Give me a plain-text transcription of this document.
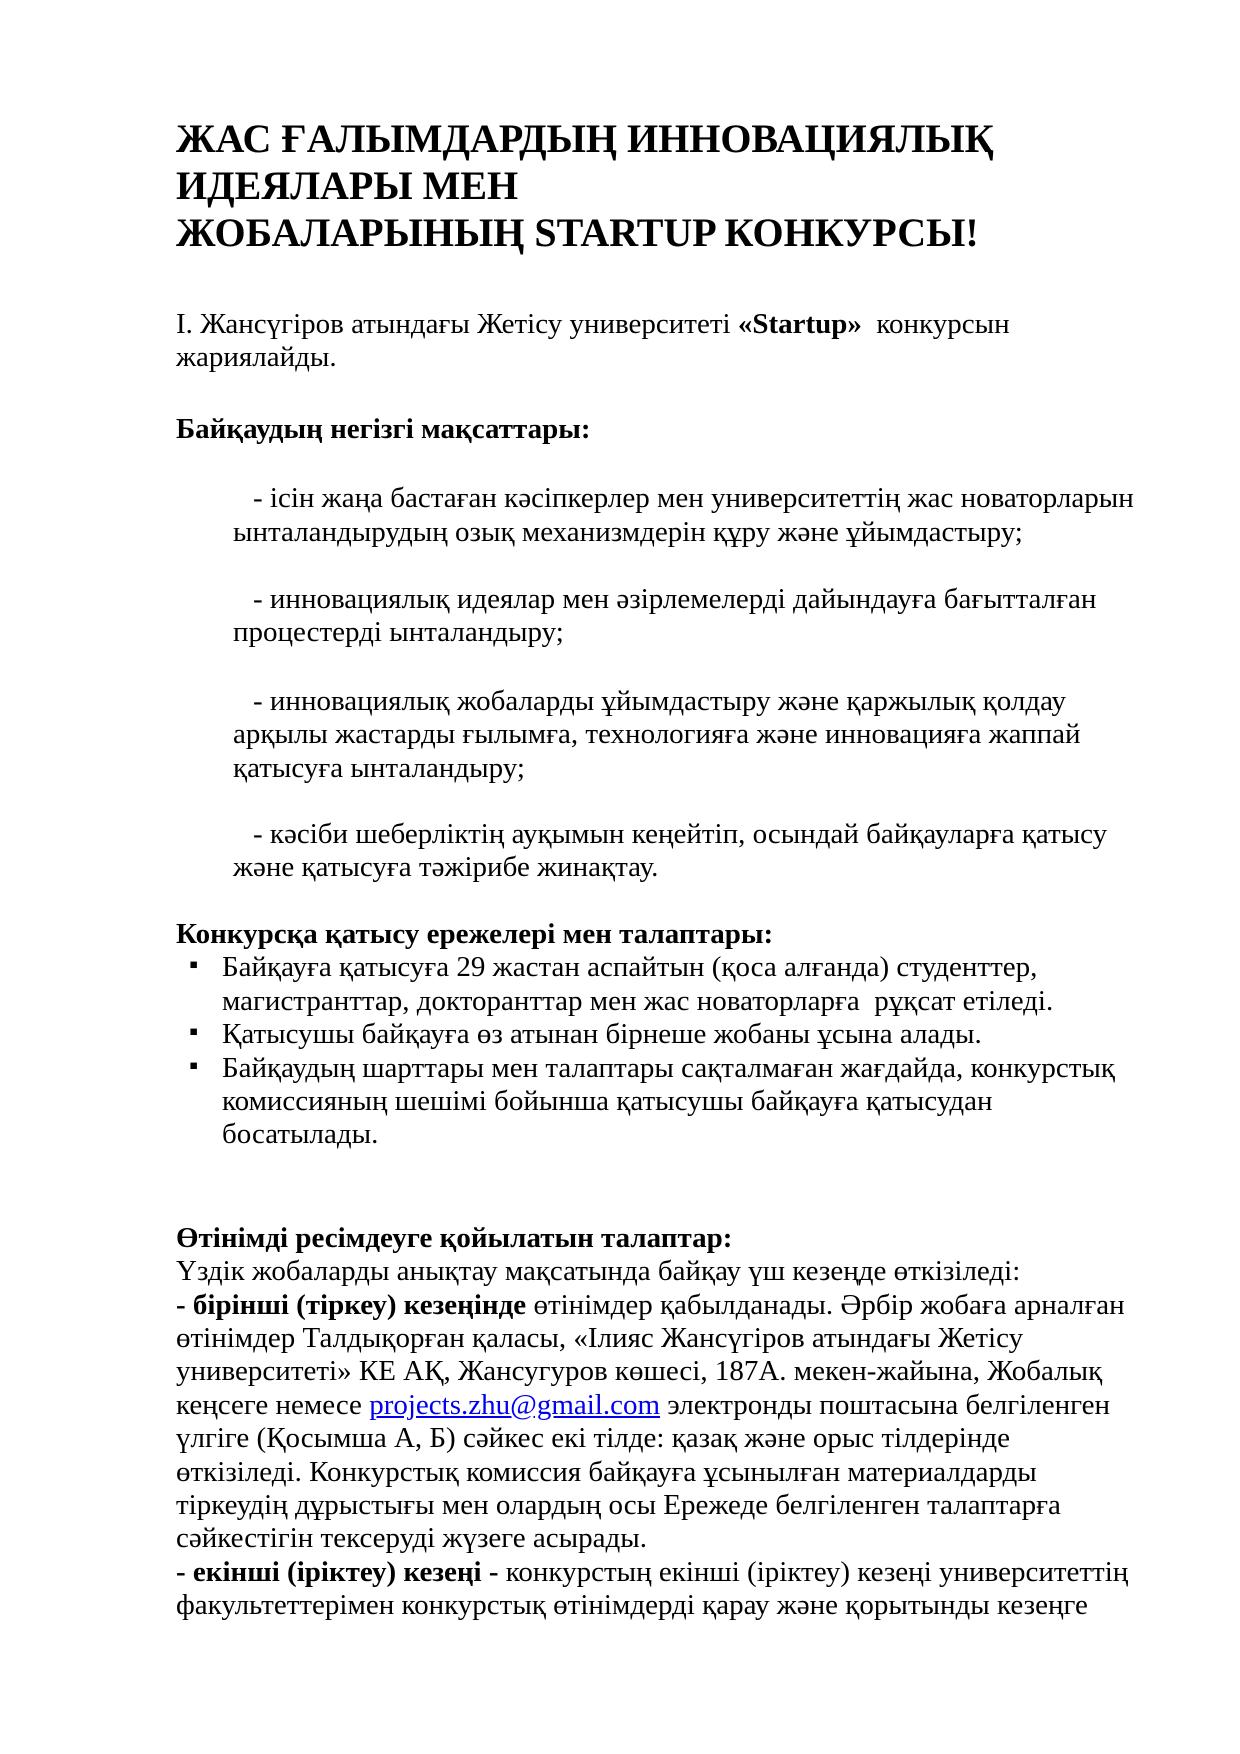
ЖАС ҒАЛЫМДАРДЫҢ ИННОВАЦИЯЛЫҚ
ИДЕЯЛАРЫ МЕН
ЖОБАЛАРЫНЫҢ STARTUP КОНКУРСЫ!

І. Жансүгіров атындағы Жетісу университеті «Startup»  конкурсын
жариялайды.

Байқаудың негізгі мақсаттары:

- ісін жаңа бастаған кәсіпкерлер мен университеттің жас новаторларын ынталандырудың озық механизмдерін құру және ұйымдастыру;

- инновациялық идеялар мен әзірлемелерді дайындауға бағытталған процестерді ынталандыру;

- инновациялық жобаларды ұйымдастыру және қаржылық қолдау арқылы жастарды ғылымға, технологияға және инновацияға жаппай қатысуға ынталандыру;

- кәсіби шеберліктің ауқымын кеңейтіп, осындай байқауларға қатысу және қатысуға тәжірибе жинақтау.

Конкурсқа қатысу ережелері мен талаптары:

▪ Байқауға қатысуға 29 жастан аспайтын (қоса алғанда) студенттер, магистранттар, докторанттар мен жас новаторларға  рұқсат етіледі.
▪ Қатысушы байқауға өз атынан бірнеше жобаны ұсына алады.
▪ Байқаудың шарттары мен талаптары сақталмаған жағдайда, конкурстық комиссияның шешімі бойынша қатысушы байқауға қатысудан босатылады.

Өтінімді ресімдеуге қойылатын талаптар:

Үздік жобаларды анықтау мақсатында байқау үш кезеңде өткізіледі:

- бірінші (тіркеу) кезеңінде өтінімдер қабылданады. Әрбір жобаға арналған өтінімдер Талдықорған қаласы, «Ілияс Жансүгіров атындағы Жетісу университеті» КЕ АҚ, Жансугуров көшесі, 187А. мекен-жайына, Жобалық кеңсеге немесе projects.zhu@gmail.com электронды поштасына белгіленген үлгіге (Қосымша А, Б) сәйкес екі тілде: қазақ және орыс тілдерінде өткізіледі. Конкурстық комиссия байқауға ұсынылған материалдарды тіркеудің дұрыстығы мен олардың осы Ережеде белгіленген талаптарға сәйкестігін тексеруді жүзеге асырады.

- екінші (іріктеу) кезеңі - конкурстың екінші (іріктеу) кезеңі университеттің факультеттерімен конкурстық өтінімдерді қарау және қорытынды кезеңге
